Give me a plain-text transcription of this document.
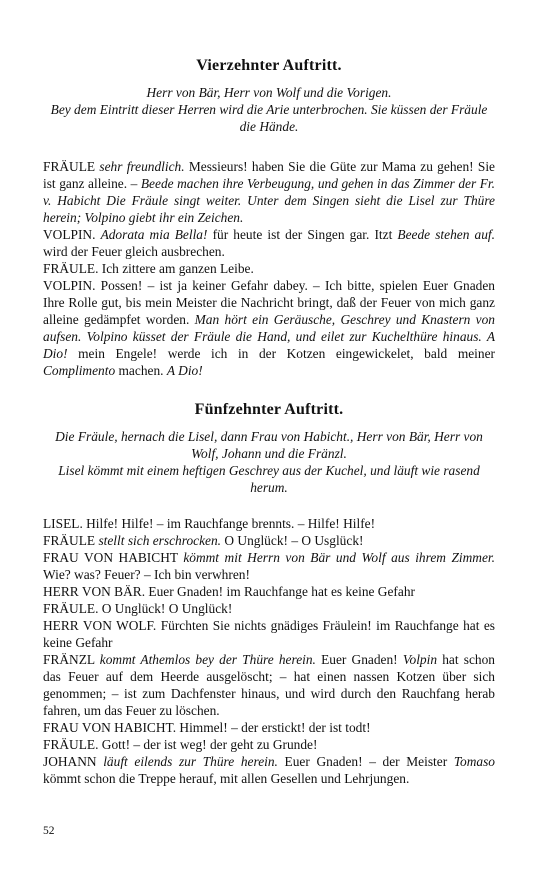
Vierzehnter Auftritt.

Herr von Bär, Herr von Wolf und die Vorigen.
Bey dem Eintritt dieser Herren wird die Arie unterbrochen. Sie küssen der Fräule die Hände.

FRÄULE sehr freundlich. Messieurs! haben Sie die Güte zur Mama zu gehen! Sie ist ganz alleine. – Beede machen ihre Verbeugung, und gehen in das Zimmer der Fr. v. Habicht Die Fräule singt weiter. Unter dem Singen sieht die Lisel zur Thüre herein; Volpino giebt ihr ein Zeichen.

VOLPIN. Adorata mia Bella! für heute ist der Singen gar. Itzt Beede stehen auf. wird der Feuer gleich ausbrechen.

FRÄULE. Ich zittere am ganzen Leibe.

VOLPIN. Possen! – ist ja keiner Gefahr dabey. – Ich bitte, spielen Euer Gnaden Ihre Rolle gut, bis mein Meister die Nachricht bringt, daß der Feuer von mich ganz alleine gedämpfet worden. Man hört ein Geräusche, Geschrey und Knastern von aufsen. Volpino küsset der Fräule die Hand, und eilet zur Kuchelthüre hinaus. A Dio! mein Engele! werde ich in der Kotzen eingewickelet, bald meiner Complimento machen. A Dio!

Fünfzehnter Auftritt.

Die Fräule, hernach die Lisel, dann Frau von Habicht., Herr von Bär, Herr von Wolf, Johann und die Fränzl.
Lisel kömmt mit einem heftigen Geschrey aus der Kuchel, und läuft wie rasend herum.

LISEL. Hilfe! Hilfe! – im Rauchfange brennts. – Hilfe! Hilfe!

FRÄULE stellt sich erschrocken. O Unglück! – O Usglück!

FRAU VON HABICHT kömmt mit Herrn von Bär und Wolf aus ihrem Zimmer. Wie? was? Feuer? – Ich bin verwhren!

HERR VON BÄR. Euer Gnaden! im Rauchfange hat es keine Gefahr

FRÄULE. O Unglück! O Unglück!

HERR VON WOLF. Fürchten Sie nichts gnädiges Fräulein! im Rauchfange hat es keine Gefahr

FRÄNZL kommt Athemlos bey der Thüre herein. Euer Gnaden! Volpin hat schon das Feuer auf dem Heerde ausgelöscht; – hat einen nassen Kotzen über sich genommen; – ist zum Dachfenster hinaus, und wird durch den Rauchfang herab fahren, um das Feuer zu löschen.

FRAU VON HABICHT. Himmel! – der erstickt! der ist todt!

FRÄULE. Gott! – der ist weg! der geht zu Grunde!

JOHANN läuft eilends zur Thüre herein. Euer Gnaden! – der Meister Tomaso kömmt schon die Treppe herauf, mit allen Gesellen und Lehrjungen.

52
